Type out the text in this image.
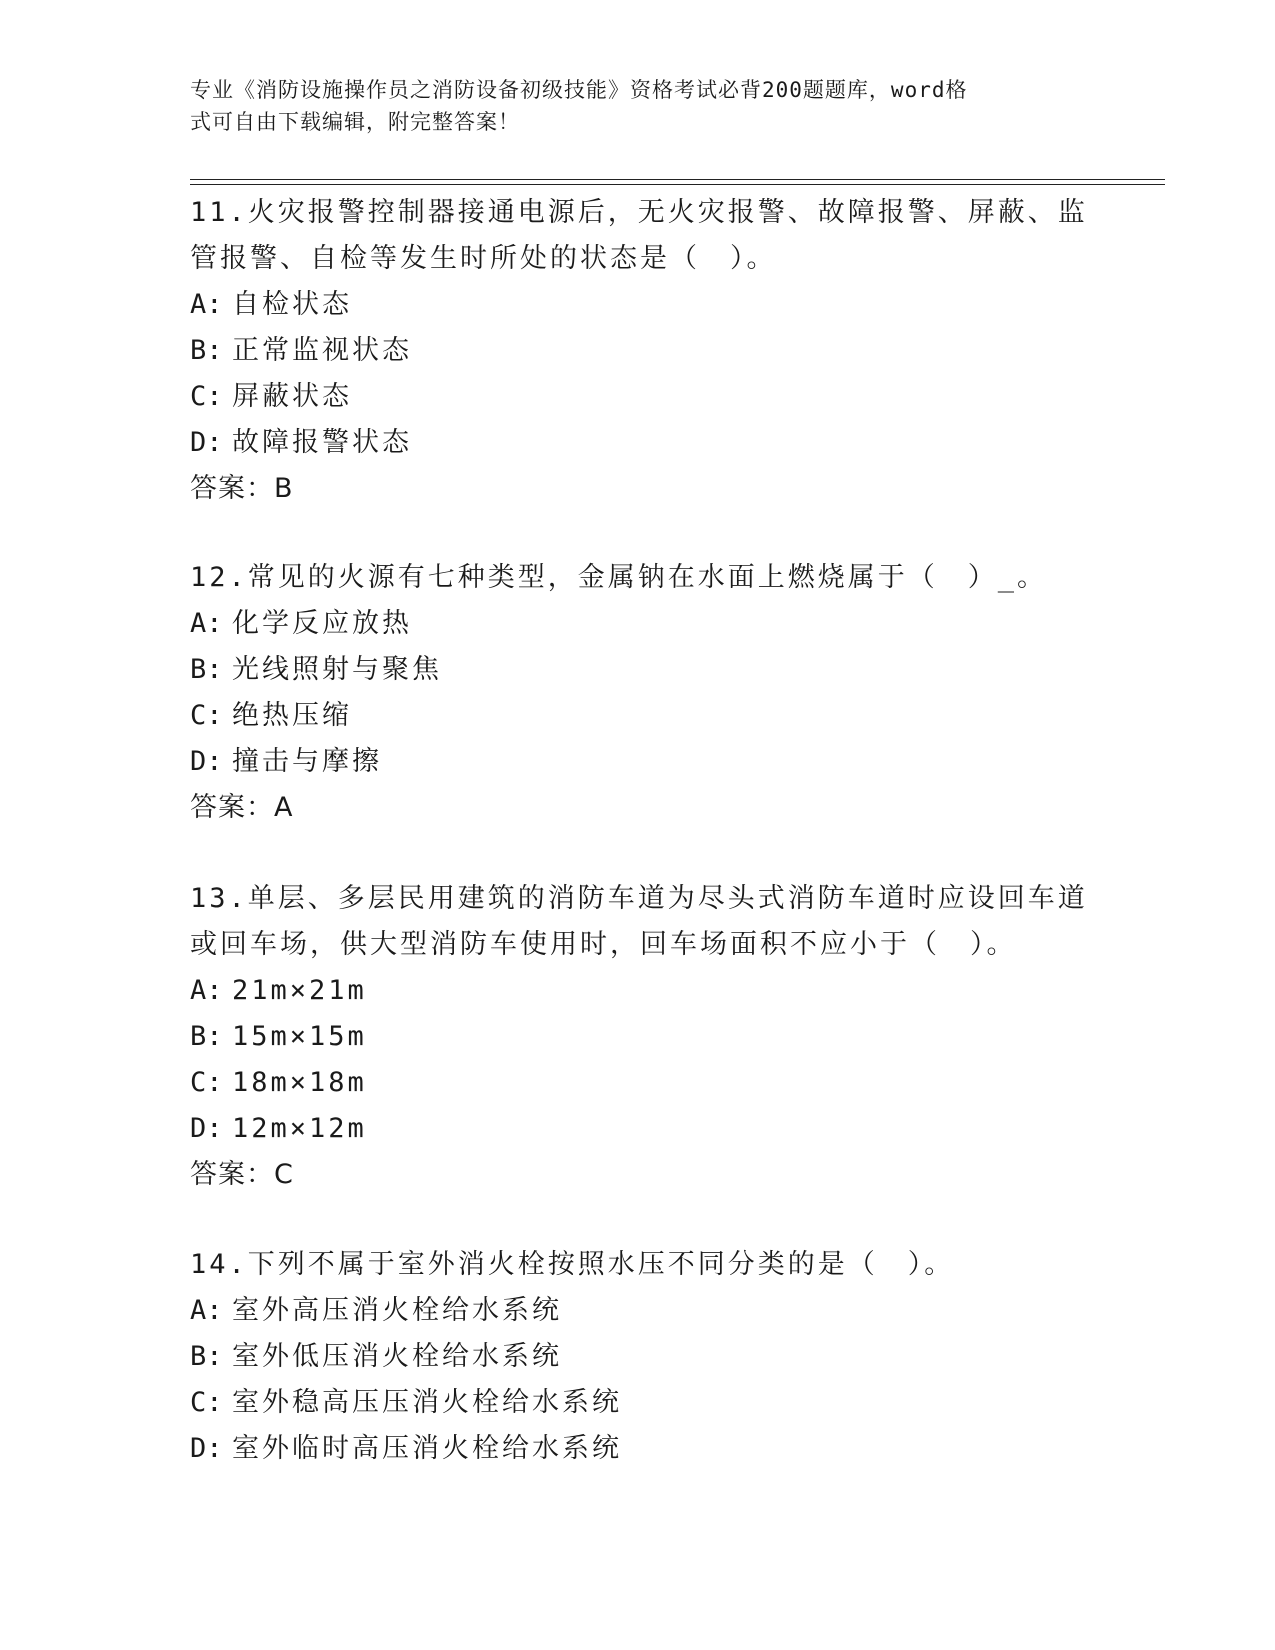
专业《消防设施操作员之消防设备初级技能》资格考试必背200题题库，word格
式可自由下载编辑，附完整答案！
11.火灾报警控制器接通电源后，无火灾报警、故障报警、屏蔽、监管报警、自检等发生时所处的状态是（　）。
A: 自检状态
B: 正常监视状态
C: 屏蔽状态
D: 故障报警状态
答案：B
12.常见的火源有七种类型，金属钠在水面上燃烧属于（　）_。
A: 化学反应放热
B: 光线照射与聚焦
C: 绝热压缩
D: 撞击与摩擦
答案：A
13.单层、多层民用建筑的消防车道为尽头式消防车道时应设回车道或回车场，供大型消防车使用时，回车场面积不应小于（　）。
A: 21m×21m
B: 15m×15m
C: 18m×18m
D: 12m×12m
答案：C
14.下列不属于室外消火栓按照水压不同分类的是（　）。
A: 室外高压消火栓给水系统
B: 室外低压消火栓给水系统
C: 室外稳高压压消火栓给水系统
D: 室外临时高压消火栓给水系统
